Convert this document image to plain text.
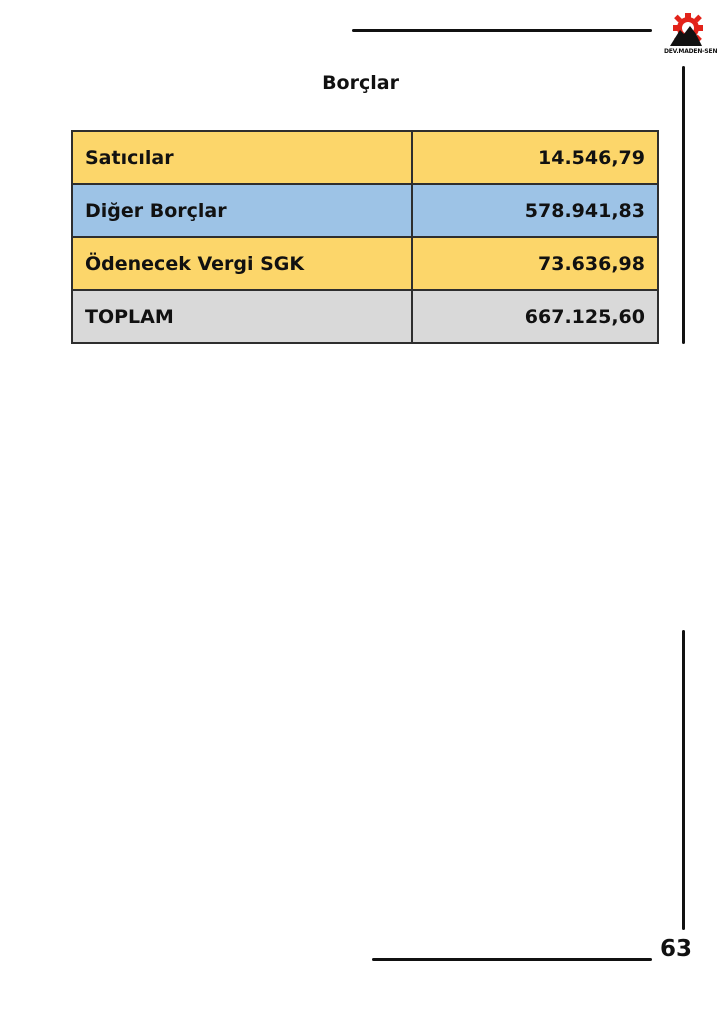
DEV.MADEN-SEN
Borçlar
Satıcılar	14.546,79
Diğer Borçlar	578.941,83
Ödenecek Vergi SGK	73.636,98
TOPLAM	667.125,60
63
